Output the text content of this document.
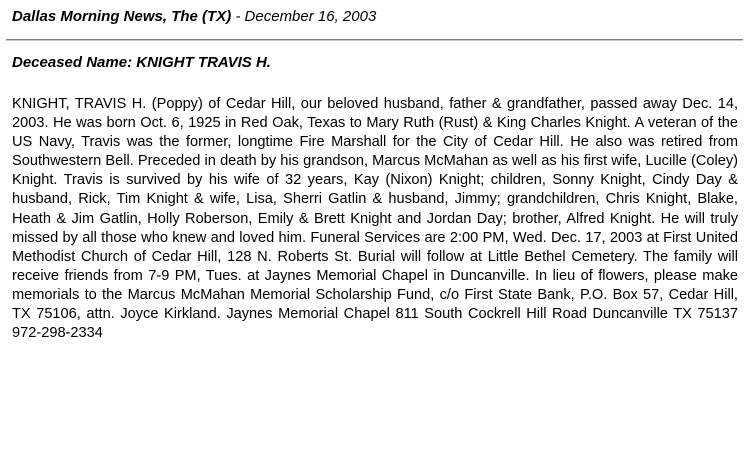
Dallas Morning News, The (TX) - December 16, 2003
Deceased Name: KNIGHT TRAVIS H.

KNIGHT, TRAVIS H. (Poppy) of Cedar Hill, our beloved husband, father & grandfather, passed away Dec. 14, 2003. He was born Oct. 6, 1925 in Red Oak, Texas to Mary Ruth (Rust) & King Charles Knight. A veteran of the US Navy, Travis was the former, longtime Fire Marshall for the City of Cedar Hill. He also was retired from Southwestern Bell. Preceded in death by his grandson, Marcus McMahan as well as his first wife, Lucille (Coley) Knight. Travis is survived by his wife of 32 years, Kay (Nixon) Knight; children, Sonny Knight, Cindy Day & husband, Rick, Tim Knight & wife, Lisa, Sherri Gatlin & husband, Jimmy; grandchildren, Chris Knight, Blake, Heath & Jim Gatlin, Holly Roberson, Emily & Brett Knight and Jordan Day; brother, Alfred Knight. He will truly missed by all those who knew and loved him. Funeral Services are 2:00 PM, Wed. Dec. 17, 2003 at First United Methodist Church of Cedar Hill, 128 N. Roberts St. Burial will follow at Little Bethel Cemetery. The family will receive friends from 7-9 PM, Tues. at Jaynes Memorial Chapel in Duncanville. In lieu of flowers, please make memorials to the Marcus McMahan Memorial Scholarship Fund, c/o First State Bank, P.O. Box 57, Cedar Hill, TX 75106, attn. Joyce Kirkland. Jaynes Memorial Chapel 811 South Cockrell Hill Road Duncanville TX 75137 972-298-2334
